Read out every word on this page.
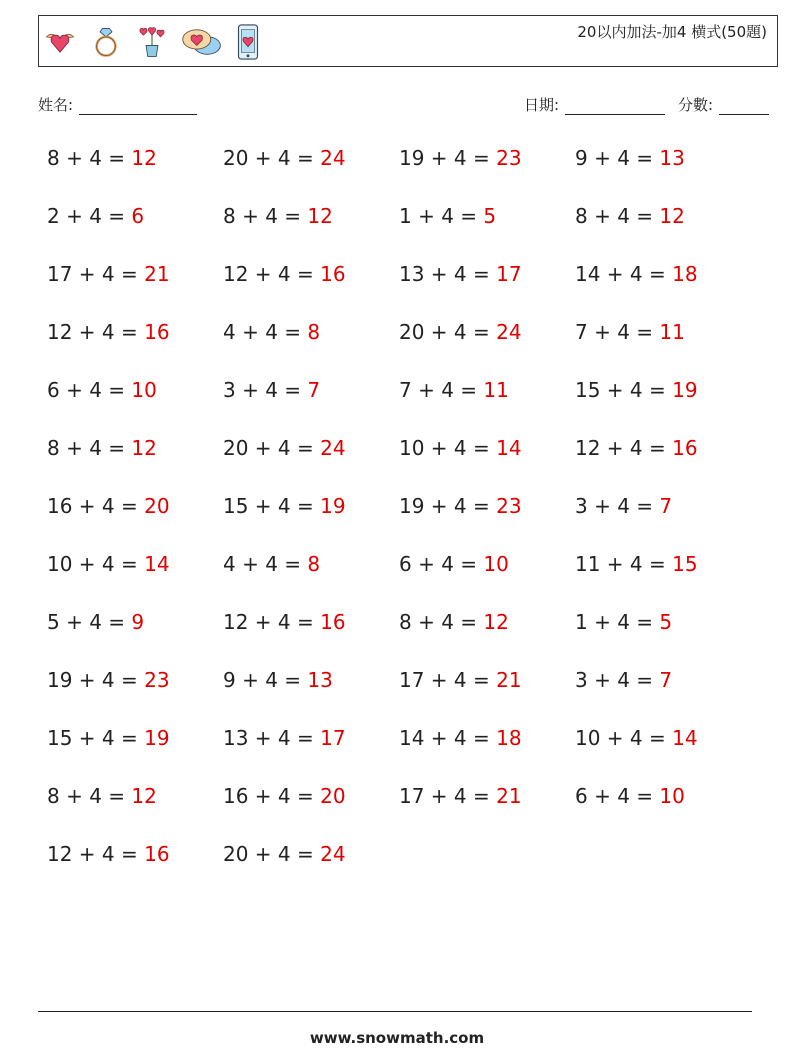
20以内加法-加4 横式(50題)
姓名:	日期:	分數:
8 + 4 = 12	20 + 4 = 24	19 + 4 = 23	9 + 4 = 13
2 + 4 = 6	8 + 4 = 12	1 + 4 = 5	8 + 4 = 12
17 + 4 = 21	12 + 4 = 16	13 + 4 = 17	14 + 4 = 18
12 + 4 = 16	4 + 4 = 8	20 + 4 = 24	7 + 4 = 11
6 + 4 = 10	3 + 4 = 7	7 + 4 = 11	15 + 4 = 19
8 + 4 = 12	20 + 4 = 24	10 + 4 = 14	12 + 4 = 16
16 + 4 = 20	15 + 4 = 19	19 + 4 = 23	3 + 4 = 7
10 + 4 = 14	4 + 4 = 8	6 + 4 = 10	11 + 4 = 15
5 + 4 = 9	12 + 4 = 16	8 + 4 = 12	1 + 4 = 5
19 + 4 = 23	9 + 4 = 13	17 + 4 = 21	3 + 4 = 7
15 + 4 = 19	13 + 4 = 17	14 + 4 = 18	10 + 4 = 14
8 + 4 = 12	16 + 4 = 20	17 + 4 = 21	6 + 4 = 10
12 + 4 = 16	20 + 4 = 24
www.snowmath.com
